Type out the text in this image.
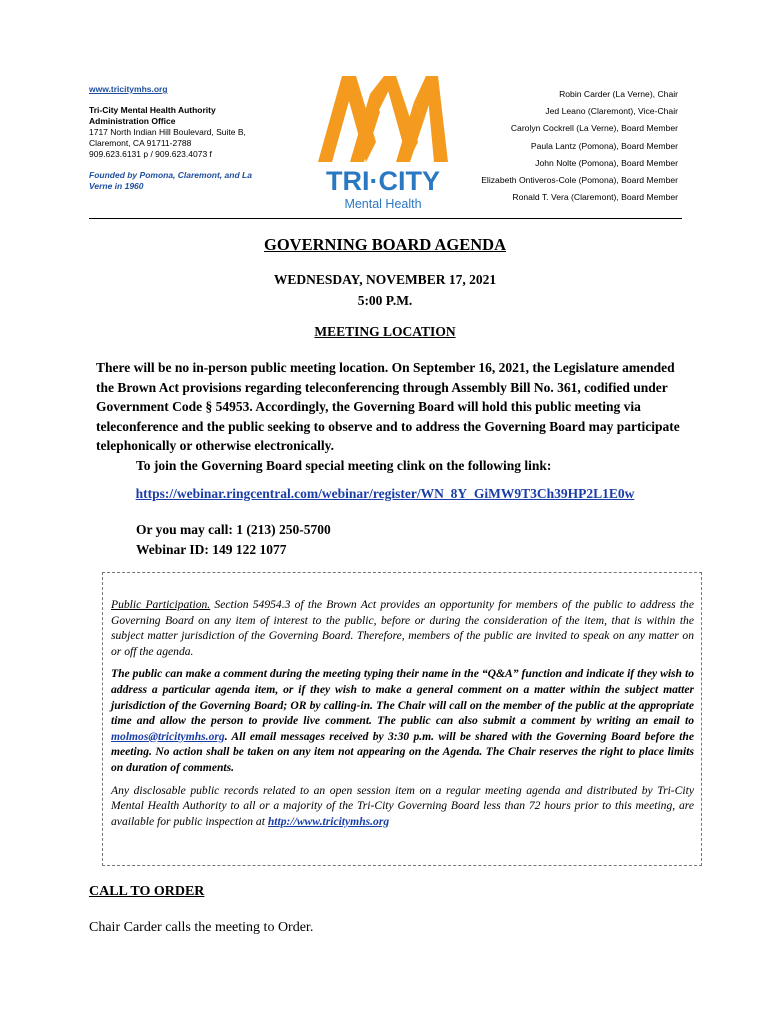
www.tricitymhs.org
Tri-City Mental Health Authority
Administration Office
1717 North Indian Hill Boulevard, Suite B,
Claremont, CA 91711-2788
909.623.6131 p / 909.623.4073 f
Founded by Pomona, Claremont, and La Verne in 1960	TRI·CITY
Mental Health
Robin Carder (La Verne), Chair
Jed Leano (Claremont), Vice-Chair
Carolyn Cockrell (La Verne), Board Member
Paula Lantz (Pomona), Board Member
John Nolte (Pomona), Board Member
Elizabeth Ontiveros-Cole (Pomona), Board Member
Ronald T. Vera (Claremont), Board Member
GOVERNING BOARD AGENDA
WEDNESDAY, NOVEMBER 17, 2021
5:00 P.M.
MEETING LOCATION
There will be no in-person public meeting location. On September 16, 2021, the Legislature amended the Brown Act provisions regarding teleconferencing through Assembly Bill No. 361, codified under Government Code § 54953. Accordingly, the Governing Board will hold this public meeting via teleconference and the public seeking to observe and to address the Governing Board may participate telephonically or otherwise electronically.
To join the Governing Board special meeting clink on the following link:
https://webinar.ringcentral.com/webinar/register/WN_8Y_GiMW9T3Ch39HP2L1E0w
Or you may call: 1 (213) 250-5700
Webinar ID: 149 122 1077

Public Participation. Section 54954.3 of the Brown Act provides an opportunity for members of the public to address the Governing Board on any item of interest to the public, before or during the consideration of the item, that is within the subject matter jurisdiction of the Governing Board. Therefore, members of the public are invited to speak on any matter on or off the agenda.

The public can make a comment during the meeting typing their name in the “Q&A” function and indicate if they wish to address a particular agenda item, or if they wish to make a general comment on a matter within the subject matter jurisdiction of the Governing Board; OR by calling-in. The Chair will call on the member of the public at the appropriate time and allow the person to provide live comment. The public can also submit a comment by writing an email to molmos@tricitymhs.org. All email messages received by 3:30 p.m. will be shared with the Governing Board before the meeting. No action shall be taken on any item not appearing on the Agenda. The Chair reserves the right to place limits on duration of comments.

Any disclosable public records related to an open session item on a regular meeting agenda and distributed by Tri-City Mental Health Authority to all or a majority of the Tri-City Governing Board less than 72 hours prior to this meeting, are available for public inspection at http://www.tricitymhs.org

CALL TO ORDER
Chair Carder calls the meeting to Order.
